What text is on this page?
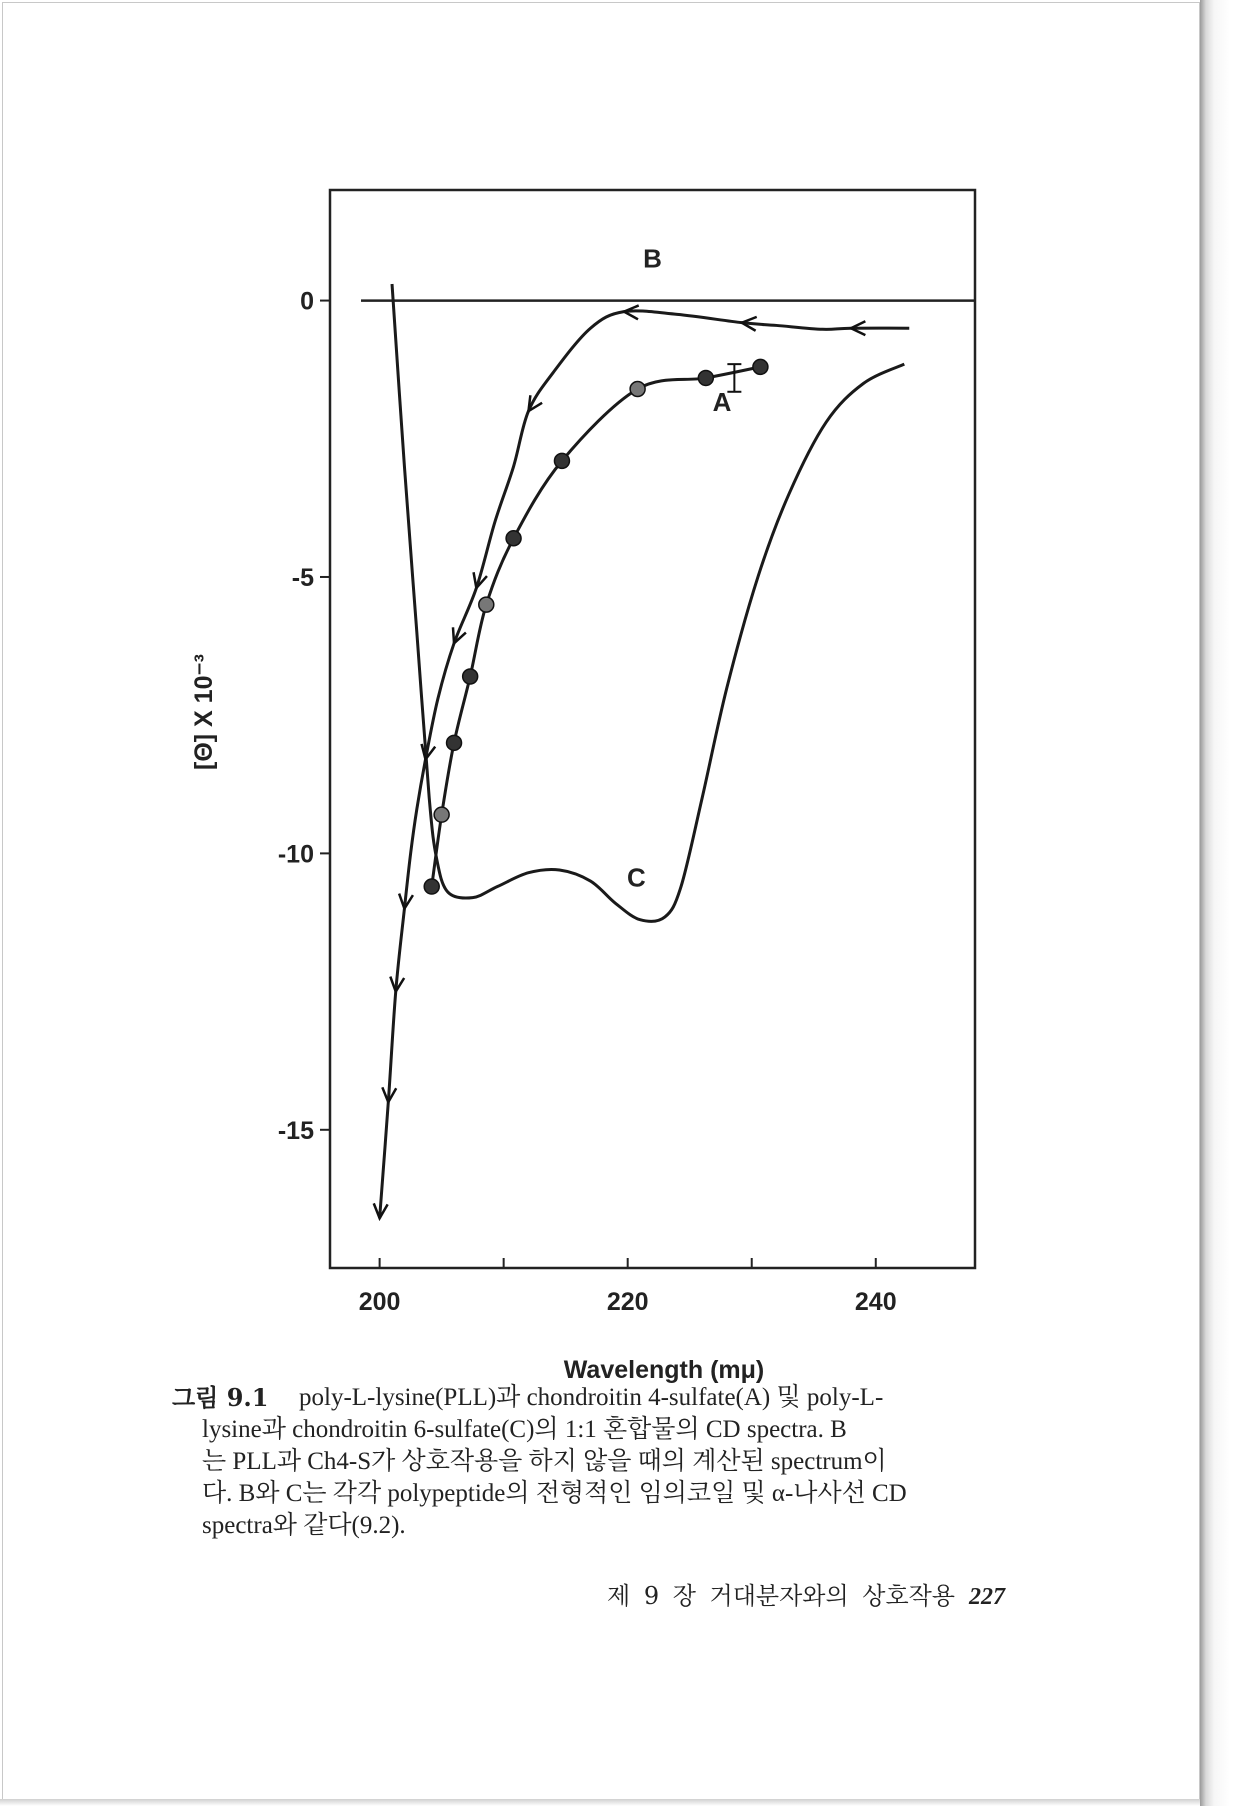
200	220	240
0
-5
-10
-15
B
A
C
Wavelength (mμ)
[Θ] X 10⁻³
그림 9.1	poly-L-lysine(PLL)과 chondroitin 4-sulfate(A) 및 poly-L-
lysine과 chondroitin 6-sulfate(C)의 1:1 혼합물의 CD spectra. B
는 PLL과 Ch4-S가 상호작용을 하지 않을 때의 계산된 spectrum이
다. B와 C는 각각 polypeptide의 전형적인 임의코일 및 α-나사선 CD
spectra와 같다(9.2).
제 9 장 거대분자와의 상호작용 227
